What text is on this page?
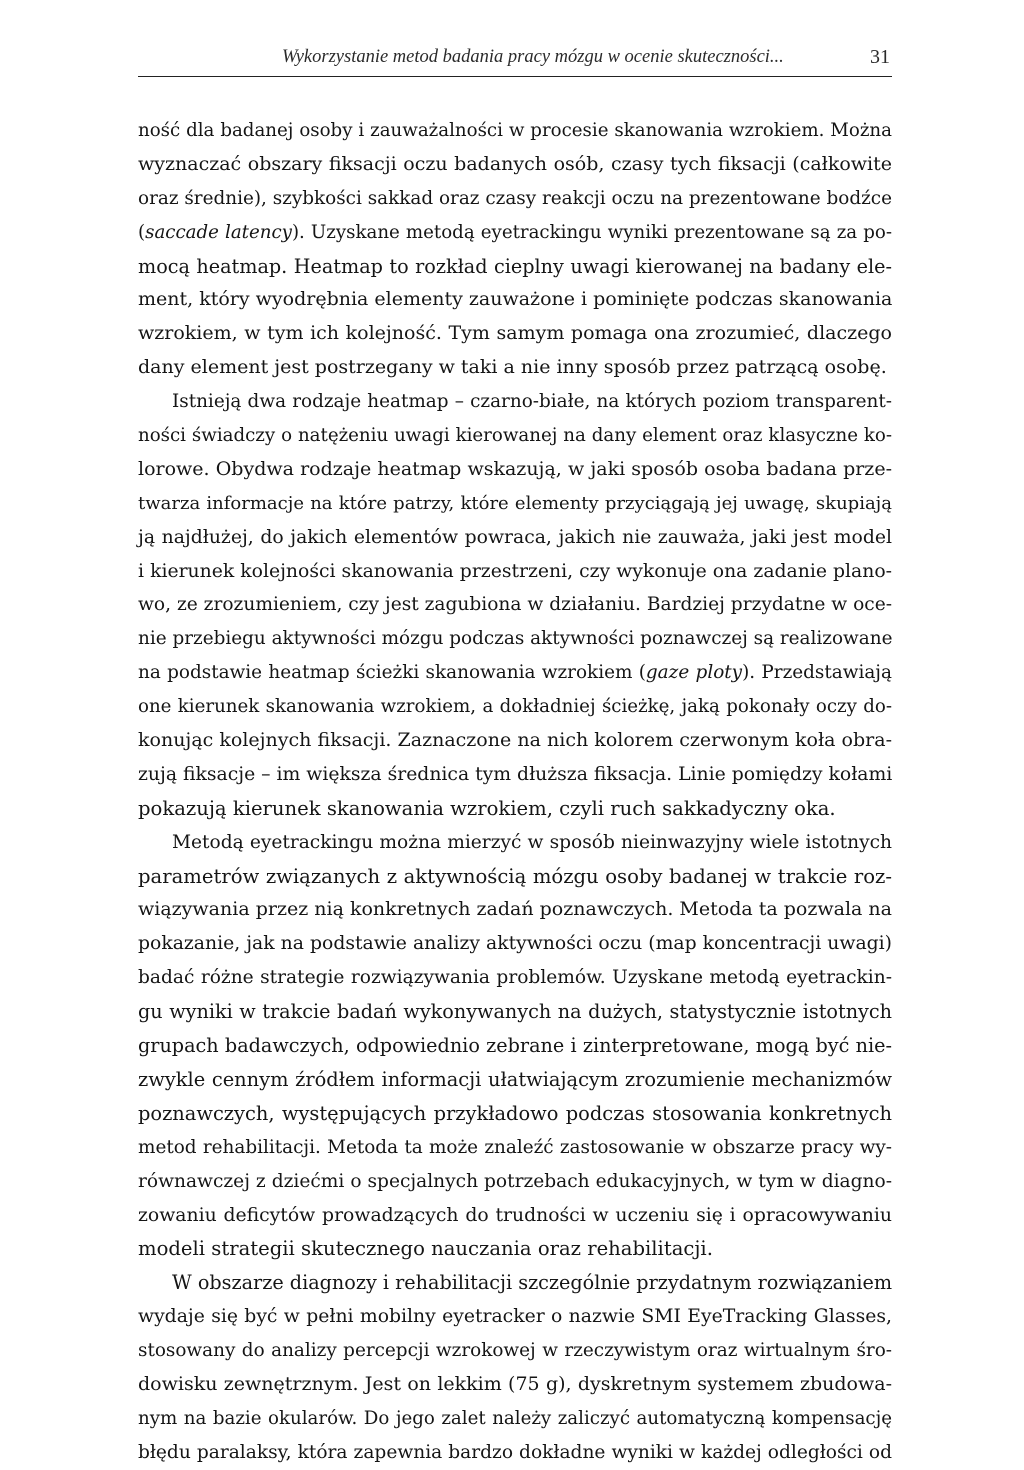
Wykorzystanie metod badania pracy mózgu w ocenie skuteczności...	31
ność dla badanej osoby i zauważalności w procesie skanowania wzrokiem. Można
wyznaczać obszary fiksacji oczu badanych osób, czasy tych fiksacji (całkowite
oraz średnie), szybkości sakkad oraz czasy reakcji oczu na prezentowane bodźce
(saccade latency). Uzyskane metodą eyetrackingu wyniki prezentowane są za po-
mocą heatmap. Heatmap to rozkład cieplny uwagi kierowanej na badany ele-
ment, który wyodrębnia elementy zauważone i pominięte podczas skanowania
wzrokiem, w tym ich kolejność. Tym samym pomaga ona zrozumieć, dlaczego
dany element jest postrzegany w taki a nie inny sposób przez patrzącą osobę.
Istnieją dwa rodzaje heatmap – czarno-białe, na których poziom transparent-
ności świadczy o natężeniu uwagi kierowanej na dany element oraz klasyczne ko-
lorowe. Obydwa rodzaje heatmap wskazują, w jaki sposób osoba badana prze-
twarza informacje na które patrzy, które elementy przyciągają jej uwagę, skupiają
ją najdłużej, do jakich elementów powraca, jakich nie zauważa, jaki jest model
i kierunek kolejności skanowania przestrzeni, czy wykonuje ona zadanie plano-
wo, ze zrozumieniem, czy jest zagubiona w działaniu. Bardziej przydatne w oce-
nie przebiegu aktywności mózgu podczas aktywności poznawczej są realizowane
na podstawie heatmap ścieżki skanowania wzrokiem (gaze ploty). Przedstawiają
one kierunek skanowania wzrokiem, a dokładniej ścieżkę, jaką pokonały oczy do-
konując kolejnych fiksacji. Zaznaczone na nich kolorem czerwonym koła obra-
zują fiksacje – im większa średnica tym dłuższa fiksacja. Linie pomiędzy kołami
pokazują kierunek skanowania wzrokiem, czyli ruch sakkadyczny oka.
Metodą eyetrackingu można mierzyć w sposób nieinwazyjny wiele istotnych
parametrów związanych z aktywnością mózgu osoby badanej w trakcie roz-
wiązywania przez nią konkretnych zadań poznawczych. Metoda ta pozwala na
pokazanie, jak na podstawie analizy aktywności oczu (map koncentracji uwagi)
badać różne strategie rozwiązywania problemów. Uzyskane metodą eyetrackin-
gu wyniki w trakcie badań wykonywanych na dużych, statystycznie istotnych
grupach badawczych, odpowiednio zebrane i zinterpretowane, mogą być nie-
zwykle cennym źródłem informacji ułatwiającym zrozumienie mechanizmów
poznawczych, występujących przykładowo podczas stosowania konkretnych
metod rehabilitacji. Metoda ta może znaleźć zastosowanie w obszarze pracy wy-
równawczej z dziećmi o specjalnych potrzebach edukacyjnych, w tym w diagno-
zowaniu deficytów prowadzących do trudności w uczeniu się i opracowywaniu
modeli strategii skutecznego nauczania oraz rehabilitacji.
W obszarze diagnozy i rehabilitacji szczególnie przydatnym rozwiązaniem
wydaje się być w pełni mobilny eyetracker o nazwie SMI EyeTracking Glasses,
stosowany do analizy percepcji wzrokowej w rzeczywistym oraz wirtualnym śro-
dowisku zewnętrznym. Jest on lekkim (75 g), dyskretnym systemem zbudowa-
nym na bazie okularów. Do jego zalet należy zaliczyć automatyczną kompensację
błędu paralaksy, która zapewnia bardzo dokładne wyniki w każdej odległości od
